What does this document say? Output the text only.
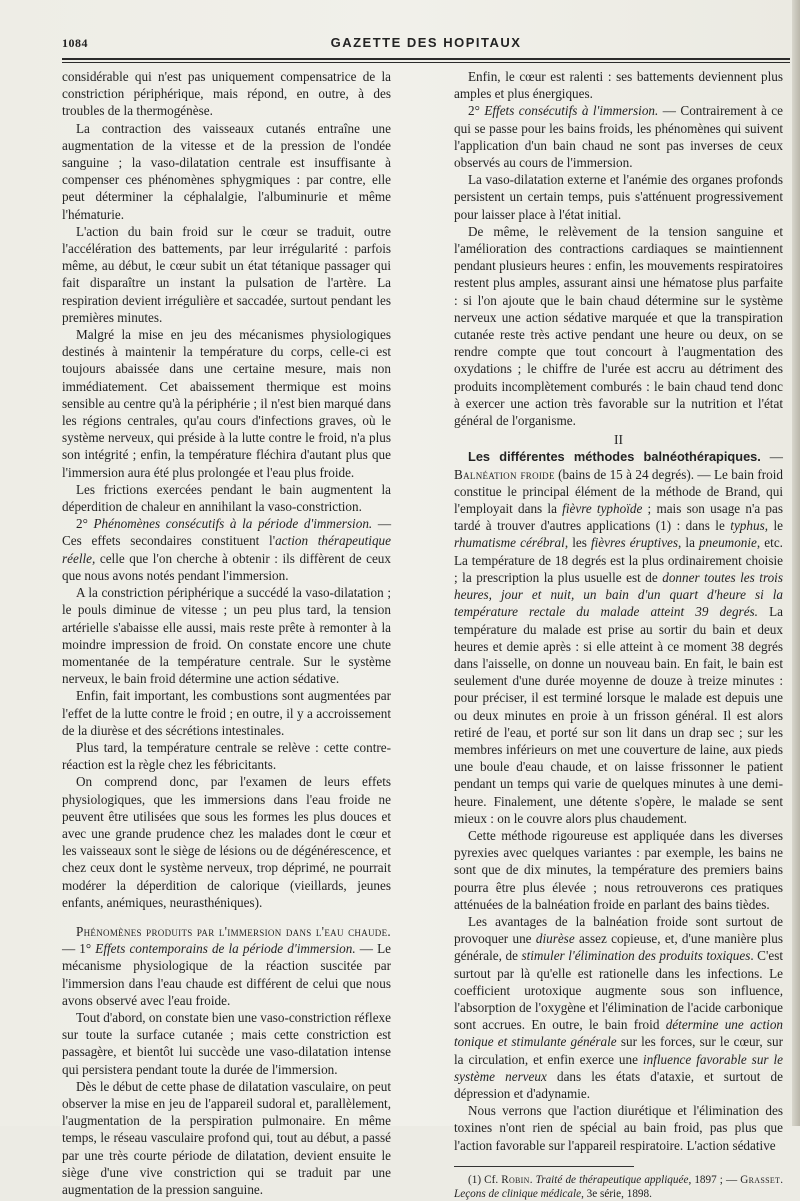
1084	GAZETTE DES HOPITAUX

considérable qui n'est pas uniquement compensatrice de la constriction périphérique, mais répond, en outre, à des troubles de la thermogénèse.

La contraction des vaisseaux cutanés entraîne une augmentation de la vitesse et de la pression de l'ondée sanguine ; la vaso-dilatation centrale est insuffisante à compenser ces phénomènes sphygmiques : par contre, elle peut déterminer la céphalalgie, l'albuminurie et même l'hématurie.

L'action du bain froid sur le cœur se traduit, outre l'accélération des battements, par leur irrégularité : parfois même, au début, le cœur subit un état tétanique passager qui fait disparaître un instant la pulsation de l'artère. La respiration devient irrégulière et saccadée, surtout pendant les premières minutes.

Malgré la mise en jeu des mécanismes physiologiques destinés à maintenir la température du corps, celle-ci est toujours abaissée dans une certaine mesure, mais non immédiatement. Cet abaissement thermique est moins sensible au centre qu'à la périphérie ; il n'est bien marqué dans les régions centrales, qu'au cours d'infections graves, où le système nerveux, qui préside à la lutte contre le froid, n'a plus son intégrité ; enfin, la température fléchira d'autant plus que l'immersion aura été plus prolongée et l'eau plus froide.

Les frictions exercées pendant le bain augmentent la déperdition de chaleur en annihilant la vaso-constriction.

2° Phénomènes consécutifs à la période d'immersion. — Ces effets secondaires constituent l'action thérapeutique réelle, celle que l'on cherche à obtenir : ils diffèrent de ceux que nous avons notés pendant l'immersion.

A la constriction périphérique a succédé la vaso-dilatation ; le pouls diminue de vitesse ; un peu plus tard, la tension artérielle s'abaisse elle aussi, mais reste prête à remonter à la moindre impression de froid. On constate encore une chute momentanée de la température centrale. Sur le système nerveux, le bain froid détermine une action sédative.

Enfin, fait important, les combustions sont augmentées par l'effet de la lutte contre le froid ; en outre, il y a accroissement de la diurèse et des sécrétions intestinales.

Plus tard, la température centrale se relève : cette contre-réaction est la règle chez les fébricitants.

On comprend donc, par l'examen de leurs effets physiologiques, que les immersions dans l'eau froide ne peuvent être utilisées que sous les formes les plus douces et avec une grande prudence chez les malades dont le cœur et les vaisseaux sont le siège de lésions ou de dégénérescence, et chez ceux dont le système nerveux, trop déprimé, ne pourrait modérer la déperdition de calorique (vieillards, jeunes enfants, anémiques, neurasthéniques).

Phénomènes produits par l'immersion dans l'eau chaude. — 1° Effets contemporains de la période d'immersion. — Le mécanisme physiologique de la réaction suscitée par l'immersion dans l'eau chaude est différent de celui que nous avons observé avec l'eau froide.

Tout d'abord, on constate bien une vaso-constriction réflexe sur toute la surface cutanée ; mais cette constriction est passagère, et bientôt lui succède une vaso-dilatation intense qui persistera pendant toute la durée de l'immersion.

Dès le début de cette phase de dilatation vasculaire, on peut observer la mise en jeu de l'appareil sudoral et, parallèlement, l'augmentation de la perspiration pulmonaire. En même temps, le réseau vasculaire profond qui, tout au début, a passé par une très courte période de dilatation, devient ensuite le siège d'une vive constriction qui se traduit par une augmentation de la pression sanguine.

Enfin, le cœur est ralenti : ses battements deviennent plus amples et plus énergiques.

2° Effets consécutifs à l'immersion. — Contrairement à ce qui se passe pour les bains froids, les phénomènes qui suivent l'application d'un bain chaud ne sont pas inverses de ceux observés au cours de l'immersion.

La vaso-dilatation externe et l'anémie des organes profonds persistent un certain temps, puis s'atténuent progressivement pour laisser place à l'état initial.

De même, le relèvement de la tension sanguine et l'amélioration des contractions cardiaques se maintiennent pendant plusieurs heures : enfin, les mouvements respiratoires restent plus amples, assurant ainsi une hématose plus parfaite : si l'on ajoute que le bain chaud détermine sur le système nerveux une action sédative marquée et que la transpiration cutanée reste très active pendant une heure ou deux, on se rendre compte que tout concourt à l'augmentation des oxydations ; le chiffre de l'urée est accru au détriment des produits incomplètement comburés : le bain chaud tend donc à exercer une action très favorable sur la nutrition et l'état général de l'organisme.

II

Les différentes méthodes balnéothérapiques. — Balnéation froide (bains de 15 à 24 degrés). — Le bain froid constitue le principal élément de la méthode de Brand, qui l'employait dans la fièvre typhoïde ; mais son usage n'a pas tardé à trouver d'autres applications (1) : dans le typhus, le rhumatisme cérébral, les fièvres éruptives, la pneumonie, etc. La température de 18 degrés est la plus ordinairement choisie ; la prescription la plus usuelle est de donner toutes les trois heures, jour et nuit, un bain d'un quart d'heure si la température rectale du malade atteint 39 degrés. La température du malade est prise au sortir du bain et deux heures et demie après : si elle atteint à ce moment 38 degrés dans l'aisselle, on donne un nouveau bain. En fait, le bain est seulement d'une durée moyenne de douze à treize minutes : pour préciser, il est terminé lorsque le malade est depuis une ou deux minutes en proie à un frisson général. Il est alors retiré de l'eau, et porté sur son lit dans un drap sec ; sur les membres inférieurs on met une couverture de laine, aux pieds une boule d'eau chaude, et on laisse frissonner le patient pendant un temps qui varie de quelques minutes à une demi-heure. Finalement, une détente s'opère, le malade se sent mieux : on le couvre alors plus chaudement.

Cette méthode rigoureuse est appliquée dans les diverses pyrexies avec quelques variantes : par exemple, les bains ne sont que de dix minutes, la température des premiers bains pourra être plus élevée ; nous retrouverons ces pratiques atténuées de la balnéation froide en parlant des bains tièdes.

Les avantages de la balnéation froide sont surtout de provoquer une diurèse assez copieuse, et, d'une manière plus générale, de stimuler l'élimination des produits toxiques. C'est surtout par là qu'elle est rationelle dans les infections. Le coefficient urotoxique augmente sous son influence, l'absorption de l'oxygène et l'élimination de l'acide carbonique sont accrues. En outre, le bain froid détermine une action tonique et stimulante générale sur les forces, sur le cœur, sur la circulation, et enfin exerce une influence favorable sur le système nerveux dans les états d'ataxie, et surtout de dépression et d'adynamie.

Nous verrons que l'action diurétique et l'élimination des toxines n'ont rien de spécial au bain froid, pas plus que l'action favorable sur l'appareil respiratoire. L'action sédative

(1) Cf. Robin. Traité de thérapeutique appliquée, 1897 ; — Grasset. Leçons de clinique médicale, 3e série, 1898.
